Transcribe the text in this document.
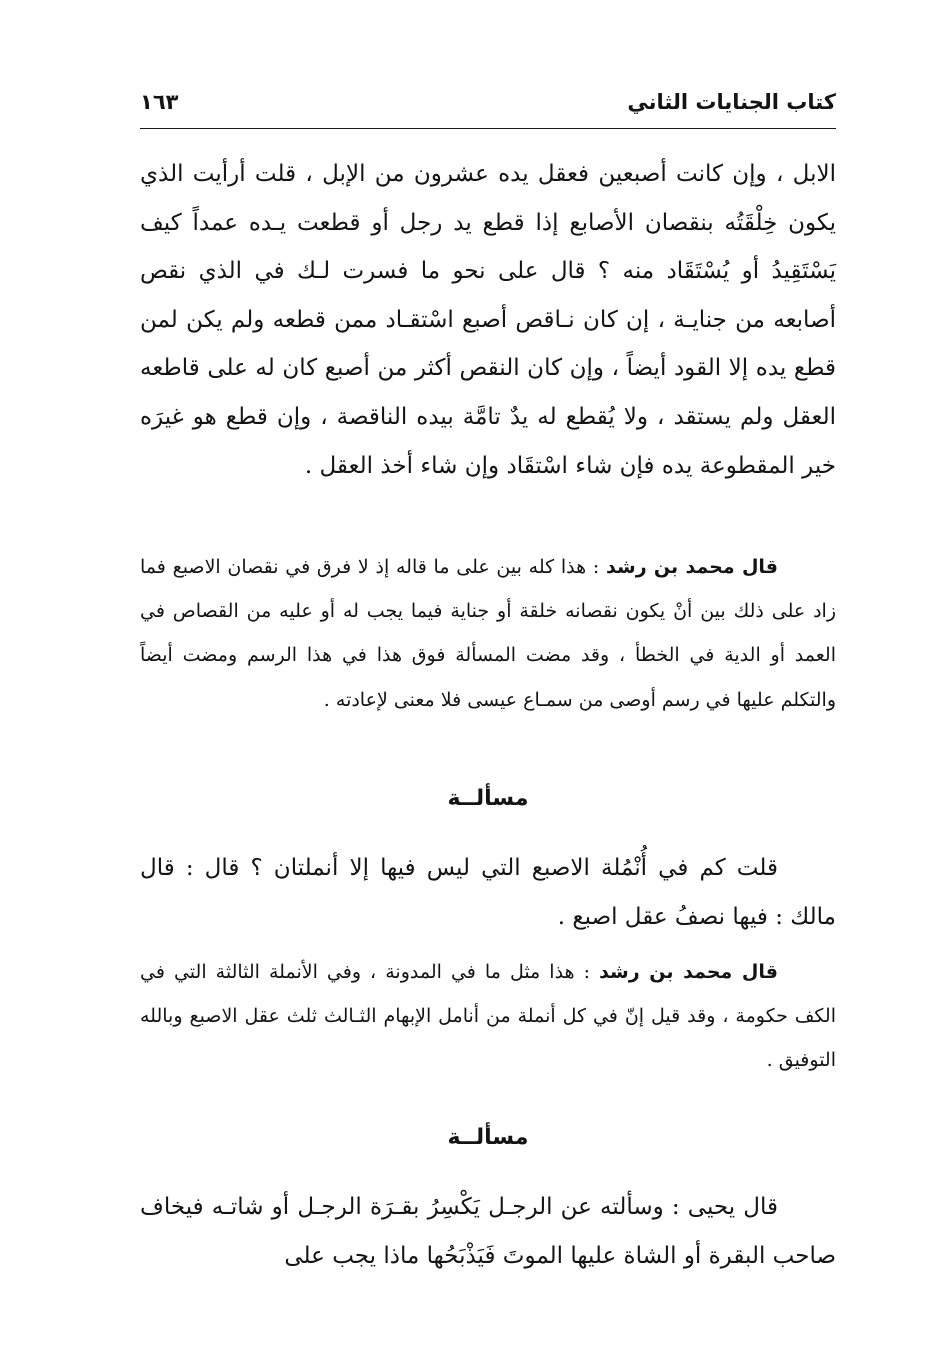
كتاب الجنايات الثاني
١٦٣

الابل ، وإن كانت أصبعين فعقل يده عشرون من الإبل ، قلت أرأيت الذي يكون خِلْقَتُه بنقصان الأصابع إذا قطع يد رجل أو قطعت يـده عمداً كيف يَسْتَقِيدُ أو يُسْتَقَاد منه ؟ قال على نحو ما فسرت لـك في الذي نقص أصابعه من جنايـة ، إن كان نـاقص أصبع اسْتقـاد ممن قطعه ولم يكن لمن قطع يده إلا القود أيضاً ، وإن كان النقص أكثر من أصبع كان له على قاطعه العقل ولم يستقد ، ولا يُقطع له يدٌ تامَّة بيده الناقصة ، وإن قطع هو غيرَه خير المقطوعة يده فإن شاء اسْتقَاد وإن شاء أخذ العقل .

قال محمد بن رشد : هذا كله بين على ما قاله إذ لا فرق في نقصان الاصبع فما زاد على ذلك بين أنْ يكون نقصانه خلقة أو جناية فيما يجب له أو عليه من القصاص في العمد أو الدية في الخطأ ، وقد مضت المسألة فوق هذا في هذا الرسم ومضت أيضاً والتكلم عليها في رسم أوصى من سمـاع عيسى فلا معنى لإعادته .
مسألــة

قلت كم في أُنْمُلة الاصبع التي ليس فيها إلا أنملتان ؟ قال : قال مالك : فيها نصفُ عقل اصبع .

قال محمد بن رشد : هذا مثل ما في المدونة ، وفي الأنملة الثالثة التي في الكف حكومة ، وقد قيل إنّ في كل أنملة من أنامل الإبهام الثـالث ثلث عقل الاصبع وبالله التوفيق .
مسألــة

قال يحيى : وسألته عن الرجـل يَكْسِرُ بقـرَة الرجـل أو شاتـه فيخاف صاحب البقرة أو الشاة عليها الموتَ فَيَذْبَحُها ماذا يجب على
